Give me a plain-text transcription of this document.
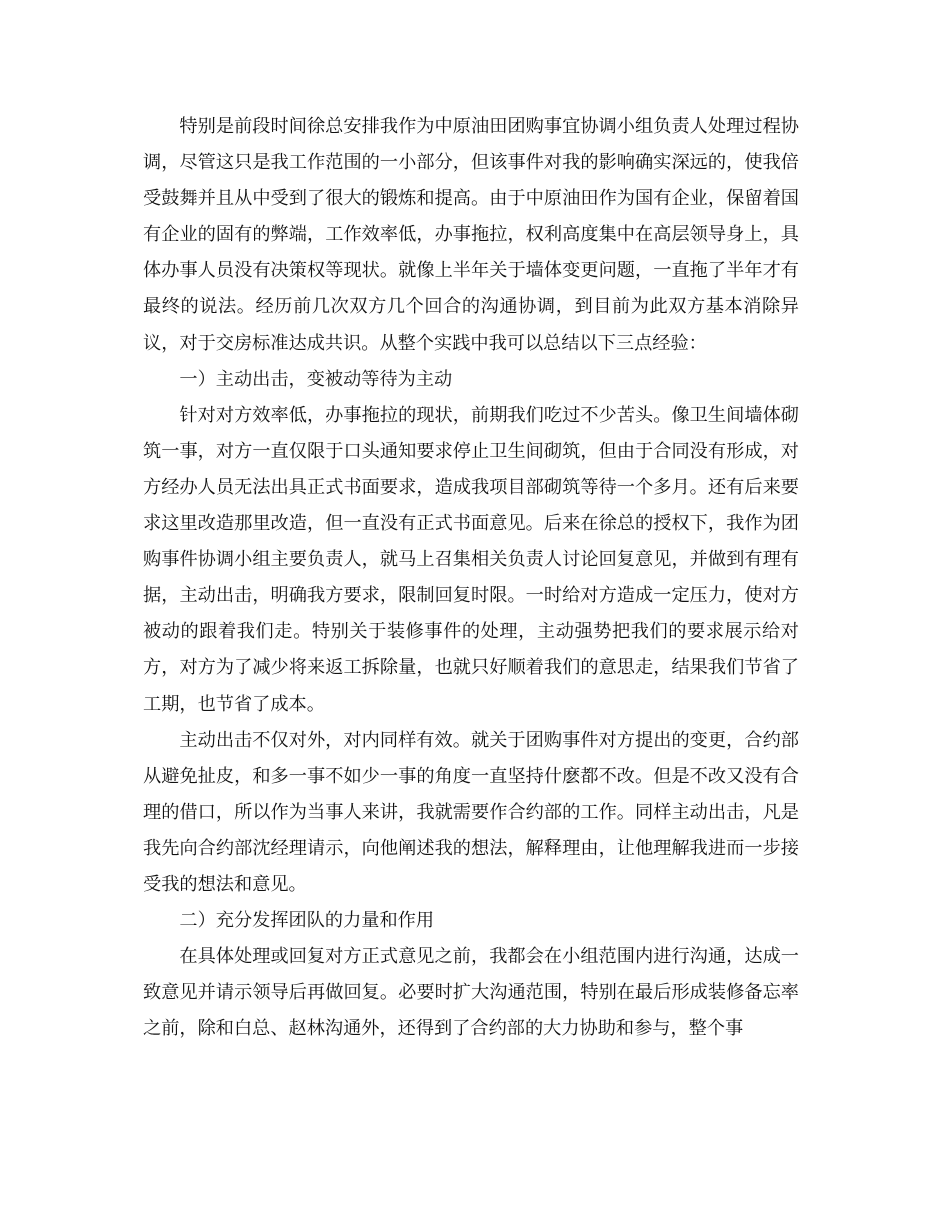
特别是前段时间徐总安排我作为中原油田团购事宜协调小组负责人处理过程协调，尽管这只是我工作范围的一小部分，但该事件对我的影响确实深远的，使我倍受鼓舞并且从中受到了很大的锻炼和提高。由于中原油田作为国有企业，保留着国有企业的固有的弊端，工作效率低，办事拖拉，权利高度集中在高层领导身上，具体办事人员没有决策权等现状。就像上半年关于墙体变更问题，一直拖了半年才有最终的说法。经历前几次双方几个回合的沟通协调，到目前为此双方基本消除异议，对于交房标准达成共识。从整个实践中我可以总结以下三点经验：

一）主动出击，变被动等待为主动

针对对方效率低，办事拖拉的现状，前期我们吃过不少苦头。像卫生间墙体砌筑一事，对方一直仅限于口头通知要求停止卫生间砌筑，但由于合同没有形成，对方经办人员无法出具正式书面要求，造成我项目部砌筑等待一个多月。还有后来要求这里改造那里改造，但一直没有正式书面意见。后来在徐总的授权下，我作为团购事件协调小组主要负责人，就马上召集相关负责人讨论回复意见，并做到有理有据，主动出击，明确我方要求，限制回复时限。一时给对方造成一定压力，使对方被动的跟着我们走。特别关于装修事件的处理，主动强势把我们的要求展示给对方，对方为了减少将来返工拆除量，也就只好顺着我们的意思走，结果我们节省了工期，也节省了成本。

主动出击不仅对外，对内同样有效。就关于团购事件对方提出的变更，合约部从避免扯皮，和多一事不如少一事的角度一直坚持什麽都不改。但是不改又没有合理的借口，所以作为当事人来讲，我就需要作合约部的工作。同样主动出击，凡是我先向合约部沈经理请示，向他阐述我的想法，解释理由，让他理解我进而一步接受我的想法和意见。

二）充分发挥团队的力量和作用

在具体处理或回复对方正式意见之前，我都会在小组范围内进行沟通，达成一致意见并请示领导后再做回复。必要时扩大沟通范围，特别在最后形成装修备忘率之前，除和白总、赵林沟通外，还得到了合约部的大力协助和参与，整个事
